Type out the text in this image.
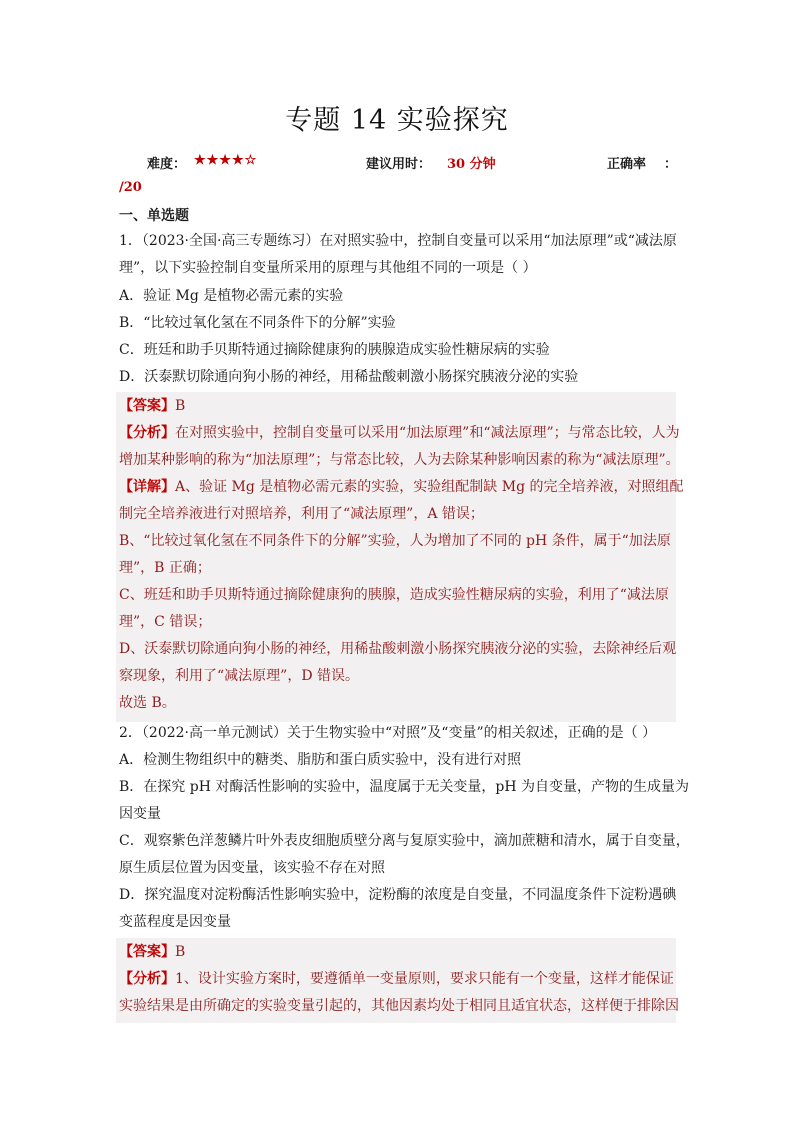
专题 14 实验探究
难度： ★★★★☆	建议用时： 30 分钟	正确率 ：
/20
一、单选题
1．（2023·全国·高三专题练习）在对照实验中，控制自变量可以采用“加法原理”或“减法原
理”，以下实验控制自变量所采用的原理与其他组不同的一项是（ ）
A．验证 Mg 是植物必需元素的实验
B．“比较过氧化氢在不同条件下的分解”实验
C．班廷和助手贝斯特通过摘除健康狗的胰腺造成实验性糖尿病的实验
D．沃泰默切除通向狗小肠的神经，用稀盐酸刺激小肠探究胰液分泌的实验
【答案】B
【分析】在对照实验中，控制自变量可以采用“加法原理”和“减法原理”；与常态比较，人为
增加某种影响的称为“加法原理”；与常态比较，人为去除某种影响因素的称为“减法原理”。
【详解】A、验证 Mg 是植物必需元素的实验，实验组配制缺 Mg 的完全培养液，对照组配
制完全培养液进行对照培养，利用了“减法原理”，A 错误；
B、“比较过氧化氢在不同条件下的分解”实验，人为增加了不同的 pH 条件，属于“加法原
理”，B 正确；
C、班廷和助手贝斯特通过摘除健康狗的胰腺，造成实验性糖尿病的实验，利用了“减法原
理”，C 错误；
D、沃泰默切除通向狗小肠的神经，用稀盐酸刺激小肠探究胰液分泌的实验，去除神经后观
察现象，利用了“减法原理”，D 错误。
故选 B。
2．（2022·高一单元测试）关于生物实验中“对照”及“变量”的相关叙述，正确的是（ ）
A．检测生物组织中的糖类、脂肪和蛋白质实验中，没有进行对照
B．在探究 pH 对酶活性影响的实验中，温度属于无关变量，pH 为自变量，产物的生成量为
因变量
C．观察紫色洋葱鳞片叶外表皮细胞质壁分离与复原实验中，滴加蔗糖和清水，属于自变量，
原生质层位置为因变量，该实验不存在对照
D．探究温度对淀粉酶活性影响实验中，淀粉酶的浓度是自变量，不同温度条件下淀粉遇碘
变蓝程度是因变量
【答案】B
【分析】1、设计实验方案时，要遵循单一变量原则，要求只能有一个变量，这样才能保证
实验结果是由所确定的实验变量引起的，其他因素均处于相同且适宜状态，这样便于排除因
